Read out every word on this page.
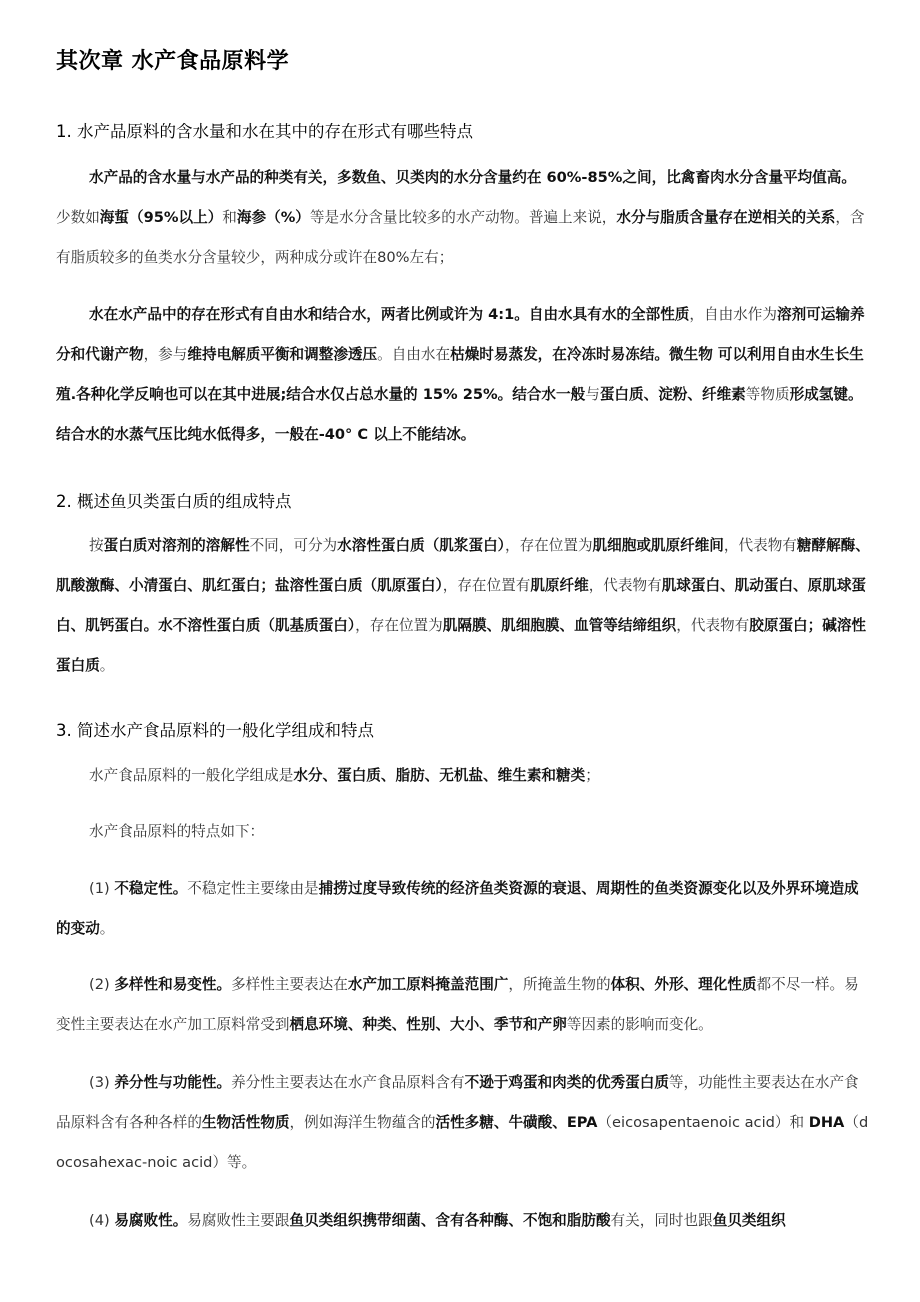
其次章 水产食品原料学
1. 水产品原料的含水量和水在其中的存在形式有哪些特点

水产品的含水量与水产品的种类有关，多数鱼、贝类肉的水分含量约在 60%-85%之间，比禽畜肉水分含量平均值高。少数如海蜇（95%以上）和海参（%）等是水分含量比较多的水产动物。普遍上来说，水分与脂质含量存在逆相关的关系，含有脂质较多的鱼类水分含量较少，两种成分或许在80%左右；

水在水产品中的存在形式有自由水和结合水，两者比例或许为 4:1。自由水具有水的全部性质，自由水作为溶剂可运输养分和代谢产物，参与维持电解质平衡和调整渗透压。自由水在枯燥时易蒸发，在冷冻时易冻结。微生物 可以利用自由水生长生殖.各种化学反响也可以在其中进展;结合水仅占总水量的 15% 25%。结合水一般与蛋白质、淀粉、纤维素等物质形成氢键。结合水的水蒸气压比纯水低得多，一般在-40° C 以上不能结冰。

2. 概述鱼贝类蛋白质的组成特点

按蛋白质对溶剂的溶解性不同，可分为水溶性蛋白质（肌浆蛋白），存在位置为肌细胞或肌原纤维间，代表物有糖酵解酶、肌酸激酶、小清蛋白、肌红蛋白；盐溶性蛋白质（肌原蛋白），存在位置有肌原纤维，代表物有肌球蛋白、肌动蛋白、原肌球蛋白、肌钙蛋白。水不溶性蛋白质（肌基质蛋白），存在位置为肌隔膜、肌细胞膜、血管等结缔组织，代表物有胶原蛋白；碱溶性蛋白质。

3. 简述水产食品原料的一般化学组成和特点

水产食品原料的一般化学组成是水分、蛋白质、脂肪、无机盐、维生素和糖类；

水产食品原料的特点如下：

(1) 不稳定性。不稳定性主要缘由是捕捞过度导致传统的经济鱼类资源的衰退、周期性的鱼类资源变化以及外界环境造成的变动。

(2) 多样性和易变性。多样性主要表达在水产加工原料掩盖范围广，所掩盖生物的体积、外形、理化性质都不尽一样。易变性主要表达在水产加工原料常受到栖息环境、种类、性别、大小、季节和产卵等因素的影响而变化。

(3) 养分性与功能性。养分性主要表达在水产食品原料含有不逊于鸡蛋和肉类的优秀蛋白质等，功能性主要表达在水产食品原料含有各种各样的生物活性物质，例如海洋生物蕴含的活性多糖、牛磺酸、EPA（eicosapentaenoic acid）和 DHA（docosahexac-noic acid）等。

(4) 易腐败性。易腐败性主要跟鱼贝类组织携带细菌、含有各种酶、不饱和脂肪酸有关，同时也跟鱼贝类组织
